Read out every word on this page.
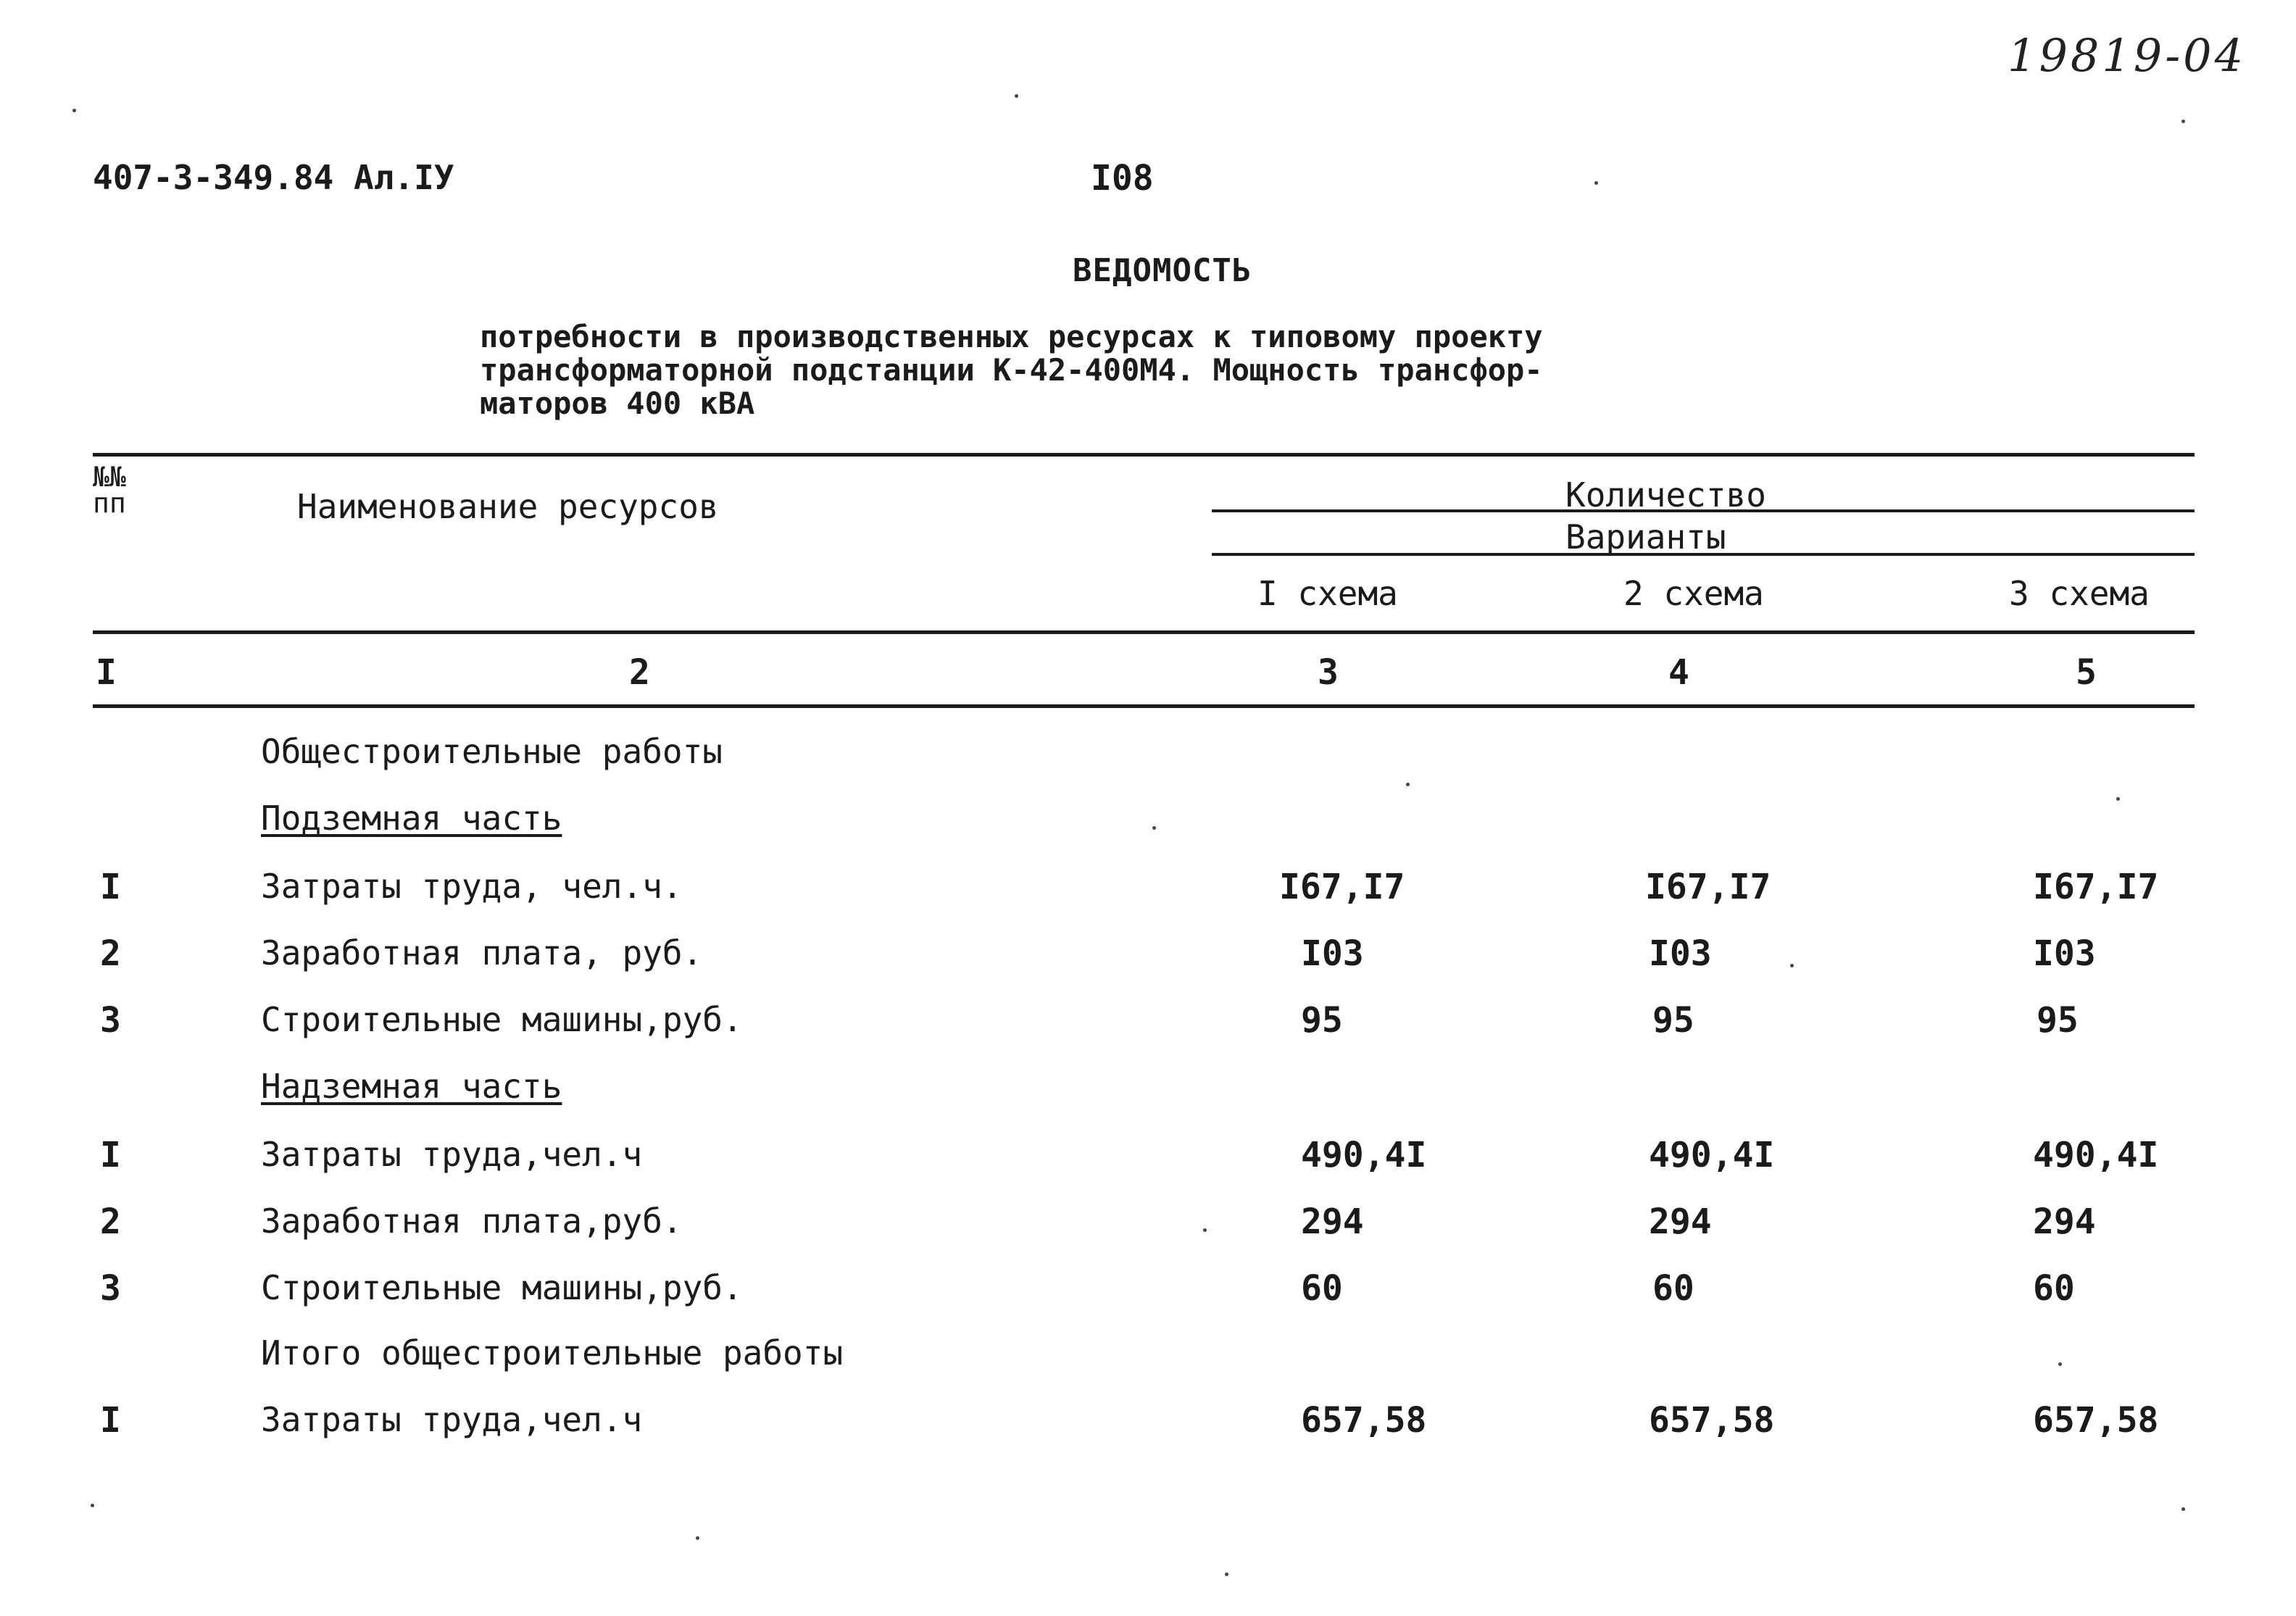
19819-04
407-3-349.84 Ал.IУ	I08
ВЕДОМОСТЬ
потребности в производственных ресурсах к типовому проекту
трансформаторной подстанции К-42-400М4. Мощность трансфор-
маторов 400 кВА
№№
пп	Наименование ресурсов	Количество
Варианты
I схема	2 схема	3 схема
I	2	3	4	5
Общестроительные работы
Подземная часть
I	Затраты труда, чел.ч.	I67,I7	I67,I7	I67,I7
2	Заработная плата, руб.	I03	I03	I03
3	Строительные машины,руб.	95	95	95
Надземная часть
I	Затраты труда,чел.ч	490,4I	490,4I	490,4I
2	Заработная плата,руб.	294	294	294
3	Строительные машины,руб.	60	60	60
Итого общестроительные работы
I	Затраты труда,чел.ч	657,58	657,58	657,58
